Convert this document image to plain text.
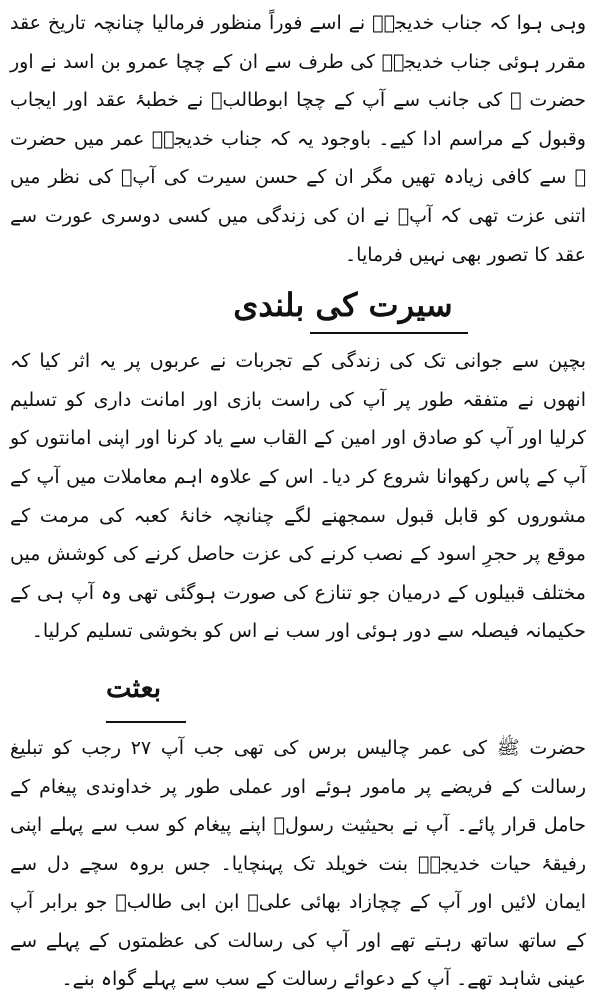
وہی ہوا کہ جناب خدیجہؓ نے اسے فوراً منظور فرمالیا چنانچہ تاریخ عقد مقرر ہوئی جناب خدیجہؓ کی طرف سے ان کے چچا عمرو بن اسد نے اور حضرت ﷺ کی جانب سے آپ کے چچا ابوطالبؑ نے خطبۂ عقد اور ایجاب وقبول کے مراسم ادا کیے۔ باوجود یہ کہ جناب خدیجہؓ عمر میں حضرت ﷺ سے کافی زیادہ تھیں مگر ان کے حسن سیرت کی آپؐ کی نظر میں اتنی عزت تھی کہ آپؐ نے ان کی زندگی میں کسی دوسری عورت سے عقد کا تصور بھی نہیں فرمایا۔

سیرت کی بلندی

بچپن سے جوانی تک کی زندگی کے تجربات نے عربوں پر یہ اثر کیا کہ انھوں نے متفقہ طور پر آپ کی راست بازی اور امانت داری کو تسلیم کرلیا اور آپ کو صادق اور امین کے القاب سے یاد کرنا اور اپنی امانتوں کو آپ کے پاس رکھوانا شروع کر دیا۔ اس کے علاوہ اہم معاملات میں آپ کے مشوروں کو قابل قبول سمجھنے لگے چنانچہ خانۂ کعبہ کی مرمت کے موقع پر حجرِ اسود کے نصب کرنے کی عزت حاصل کرنے کی کوشش میں مختلف قبیلوں کے درمیان جو تنازع کی صورت ہوگئی تھی وہ آپ ہی کے حکیمانہ فیصلہ سے دور ہوئی اور سب نے اس کو بخوشی تسلیم کرلیا۔

بعثت

حضرت ﷺ کی عمر چالیس برس کی تھی جب آپ ۲۷ رجب کو تبلیغ رسالت کے فریضے پر مامور ہوئے اور عملی طور پر خداوندی پیغام کے حامل قرار پائے۔ آپ نے بحیثیت رسولؐ اپنے پیغام کو سب سے پہلے اپنی رفیقۂ حیات خدیجہؓ بنت خویلد تک پہنچایا۔ جس بروہ سچے دل سے ایمان لائیں اور آپ کے چچازاد بھائی علیؑ ابن ابی طالبؑ جو برابر آپ کے ساتھ ساتھ رہتے تھے اور آپ کی رسالت کی عظمتوں کے پہلے سے عینی شاہد تھے۔ آپ کے دعوائے رسالت کے سب سے پہلے گواہ بنے۔
